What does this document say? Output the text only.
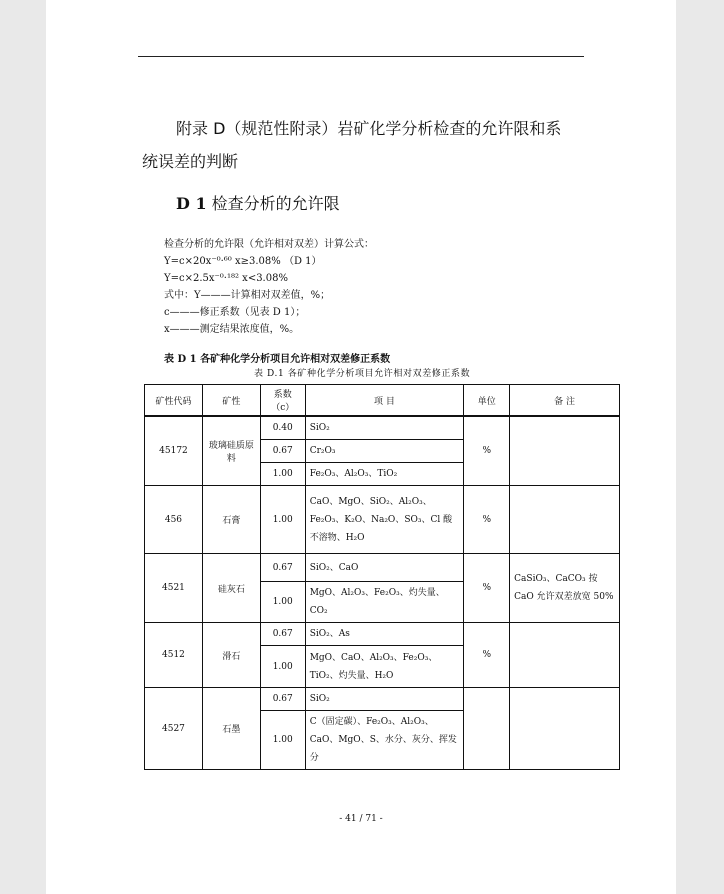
附录 D（规范性附录）岩矿化学分析检查的允许限和系
统误差的判断
D 1 检查分析的允许限
检查分析的允许限（允许相对双差）计算公式：
Y=c×20x⁻⁰·⁶⁰ x≥3.08% （D 1）
Y=c×2.5x⁻⁰·¹⁸² x<3.08%
式中：Y———计算相对双差值，%；
c———修正系数（见表 D 1）；
x———测定结果浓度值，%。
表 D 1 各矿种化学分析项目允许相对双差修正系数
表 D.1 各矿种化学分析项目允许相对双差修正系数
矿性代码	矿性	系数（c）	项 目	单位	备 注
45172	玻璃硅质原料	0.40	SiO₂	%	
		0.67	Cr₂O₃		
		1.00	Fe₂O₃、Al₂O₃、TiO₂		
456	石膏	1.00	CaO、MgO、SiO₂、Al₂O₃、Fe₂O₃、K₂O、Na₂O、SO₃、Cl 酸不溶物、H₂O	%	
4521	硅灰石	0.67	SiO₂、CaO	%	CaSiO₃、CaCO₃ 按 CaO 允许双差放宽 50%
		1.00	MgO、Al₂O₃、Fe₂O₃、灼失量、CO₂		
4512	滑石	0.67	SiO₂、As	%	
		1.00	MgO、CaO、Al₂O₃、Fe₂O₃、TiO₂、灼失量、H₂O		
4527	石墨	0.67	SiO₂		
		1.00	C（固定碳）、Fe₂O₃、Al₂O₃、CaO、MgO、S、水分、灰分、挥发分		
- 41 / 71 -
